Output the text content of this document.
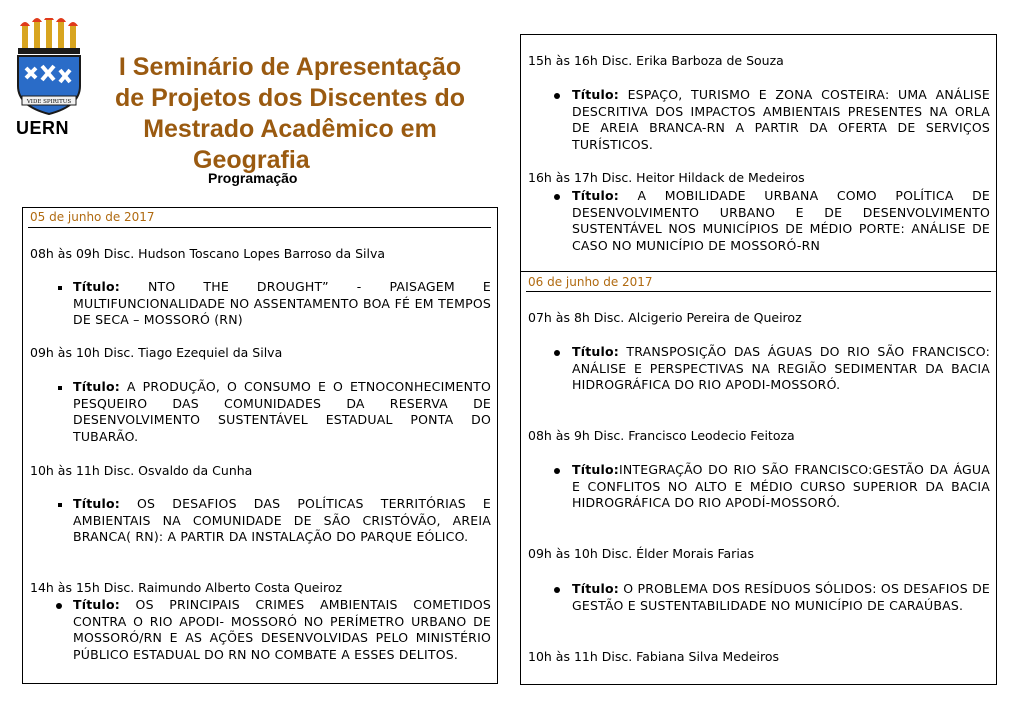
VIDE SPIRITUS
UERN
I Seminário de Apresentação
de Projetos dos Discentes do
Mestrado Acadêmico em
Geografia
Programação
05 de junho de 2017
08h às 09h Disc. Hudson Toscano Lopes Barroso da Silva
Título: NTO THE DROUGHT” - PAISAGEM E MULTIFUNCIONALIDADE NO ASSENTAMENTO BOA FÉ EM TEMPOS DE SECA – MOSSORÓ (RN)
09h às 10h Disc. Tiago Ezequiel da Silva
Título: A PRODUÇÃO, O CONSUMO E O ETNOCONHECIMENTO PESQUEIRO DAS COMUNIDADES DA RESERVA DE DESENVOLVIMENTO SUSTENTÁVEL ESTADUAL PONTA DO TUBARÃO.
10h às 11h Disc. Osvaldo da Cunha
Título: OS DESAFIOS DAS POLÍTICAS TERRITÓRIAS E AMBIENTAIS NA COMUNIDADE DE SÃO CRISTÓVÃO, AREIA BRANCA( RN): A PARTIR DA INSTALAÇÃO DO PARQUE EÓLICO.
14h às 15h Disc. Raimundo Alberto Costa Queiroz
Título: OS PRINCIPAIS CRIMES AMBIENTAIS COMETIDOS CONTRA O RIO APODI- MOSSORÓ NO PERÍMETRO URBANO DE MOSSORÓ/RN E AS AÇÕES DESENVOLVIDAS PELO MINISTÉRIO PÚBLICO ESTADUAL DO RN NO COMBATE A ESSES DELITOS.
15h às 16h Disc. Erika Barboza de Souza
Título: ESPAÇO, TURISMO E ZONA COSTEIRA: UMA ANÁLISE DESCRITIVA DOS IMPACTOS AMBIENTAIS PRESENTES NA ORLA DE AREIA BRANCA-RN A PARTIR DA OFERTA DE SERVIÇOS TURÍSTICOS.
16h às 17h Disc. Heitor Hildack de Medeiros
Título: A MOBILIDADE URBANA COMO POLÍTICA DE DESENVOLVIMENTO URBANO E DE DESENVOLVIMENTO SUSTENTÁVEL NOS MUNICÍPIOS DE MÉDIO PORTE: ANÁLISE DE CASO NO MUNICÍPIO DE MOSSORÓ-RN
06 de junho de 2017
07h às 8h Disc. Alcigerio Pereira de Queiroz
Título: TRANSPOSIÇÃO DAS ÁGUAS DO RIO SÃO FRANCISCO: ANÁLISE E PERSPECTIVAS NA REGIÃO SEDIMENTAR DA BACIA HIDROGRÁFICA DO RIO APODI-MOSSORÓ.
08h às 9h Disc. Francisco Leodecio Feitoza
Título:INTEGRAÇÃO DO RIO SÃO FRANCISCO:GESTÃO DA ÁGUA E CONFLITOS NO ALTO E MÉDIO CURSO SUPERIOR DA BACIA HIDROGRÁFICA DO RIO APODÍ-MOSSORÓ.
09h às 10h Disc. Élder Morais Farias
Título: O PROBLEMA DOS RESÍDUOS SÓLIDOS: OS DESAFIOS DE GESTÃO E SUSTENTABILIDADE NO MUNICÍPIO DE CARAÚBAS.
10h às 11h Disc. Fabiana Silva Medeiros
